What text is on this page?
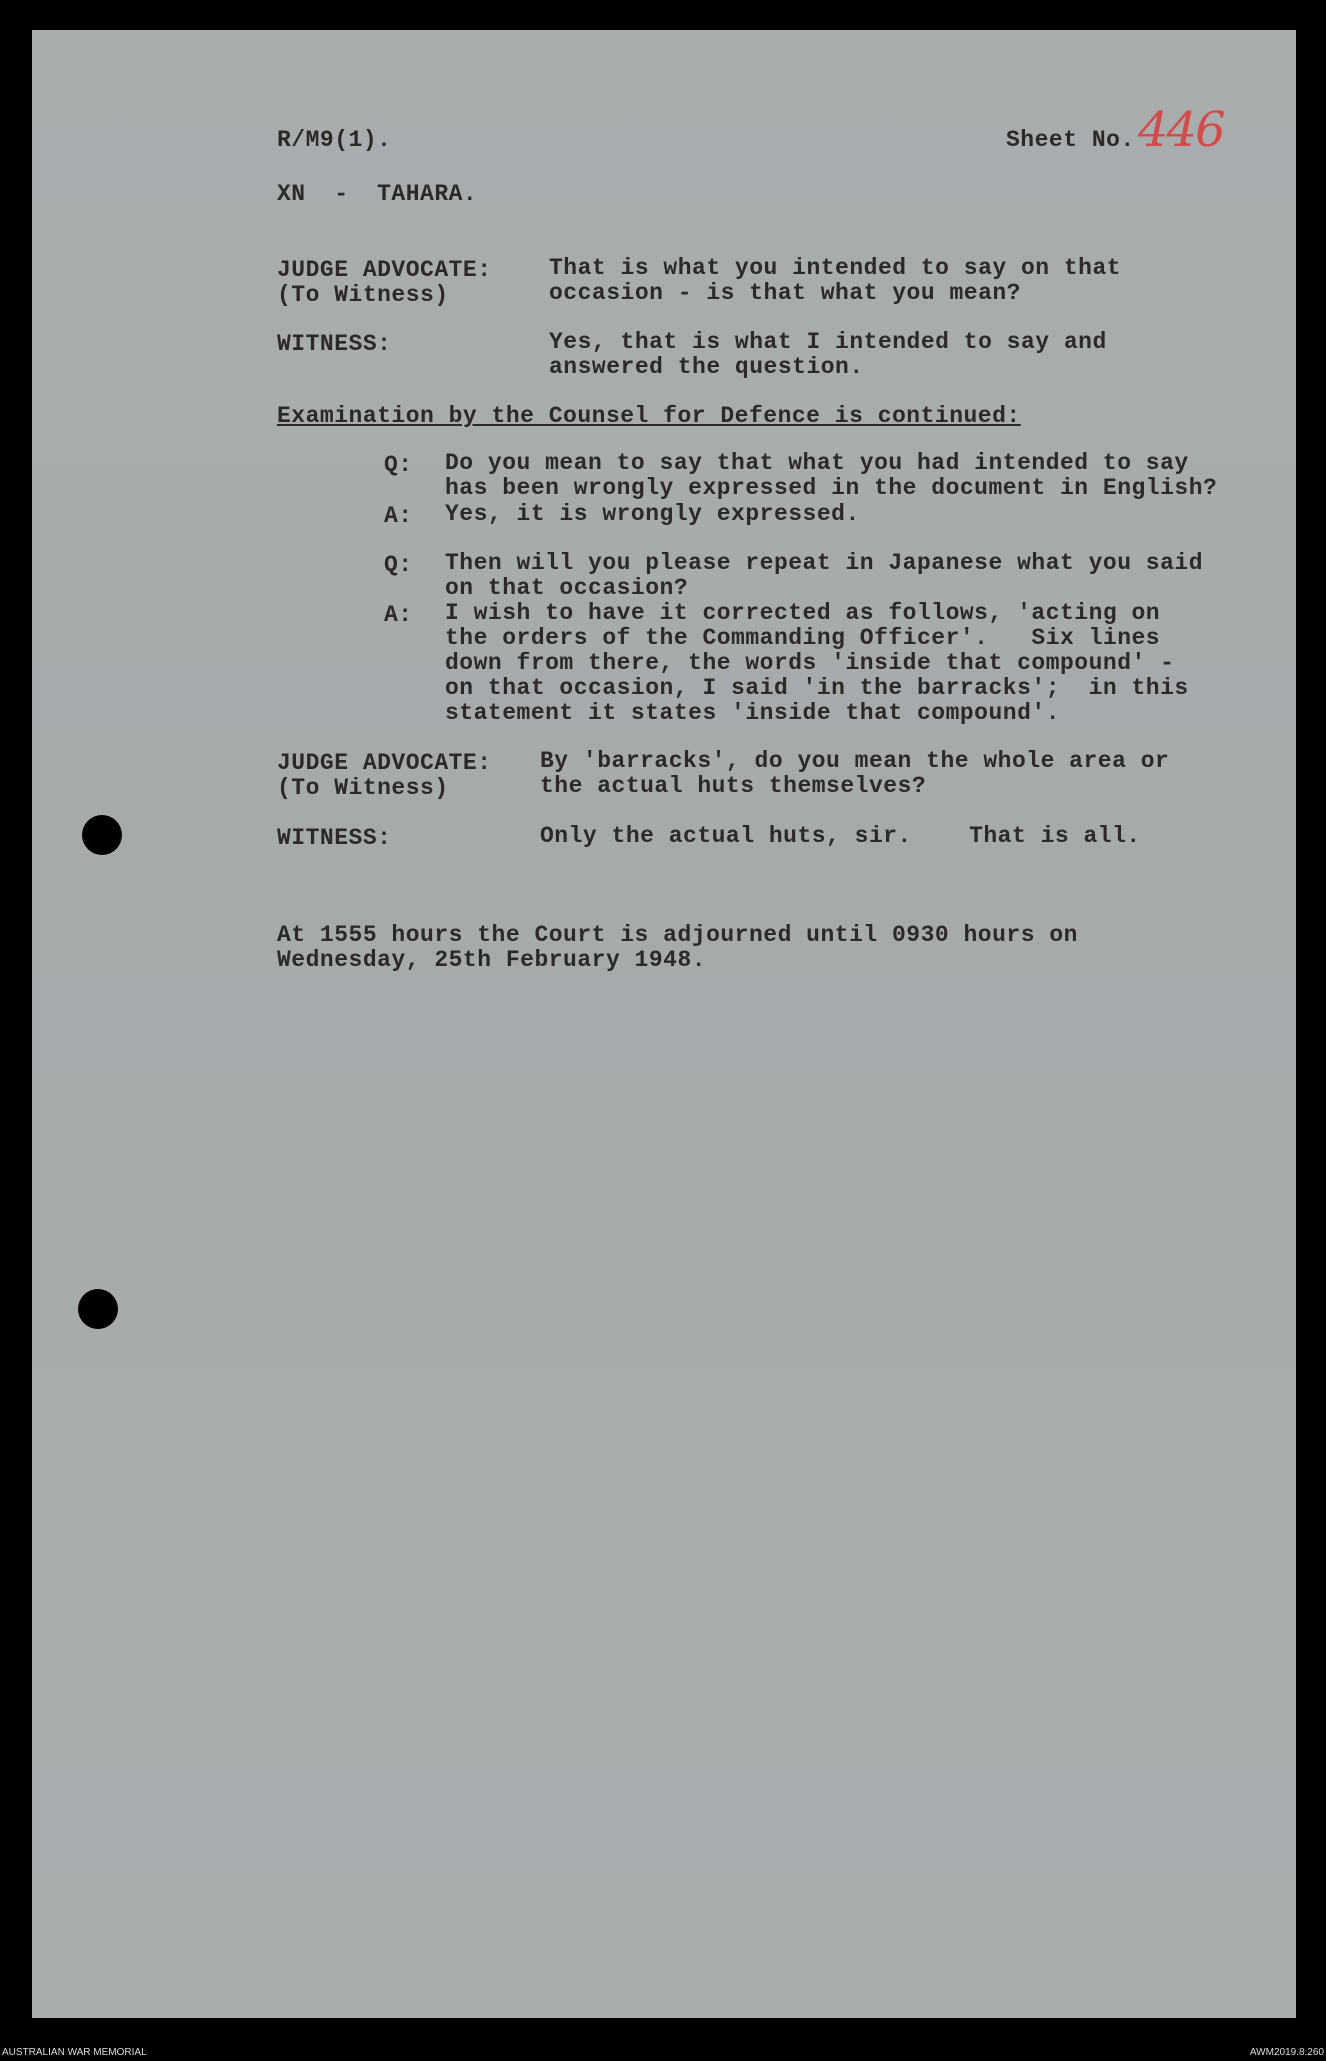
R/M9(1).	Sheet No. . .
446
XN  -  TAHARA.
JUDGE ADVOCATE:
(To Witness)
That is what you intended to say on that
occasion - is that what you mean?
WITNESS:	Yes, that is what I intended to say and
answered the question.
Examination by the Counsel for Defence is continued:
Q: Do you mean to say that what you had intended to say
has been wrongly expressed in the document in English?
A: Yes, it is wrongly expressed.
Q: Then will you please repeat in Japanese what you said
on that occasion?
A: I wish to have it corrected as follows, 'acting on
the orders of the Commanding Officer'.   Six lines
down from there, the words 'inside that compound' -
on that occasion, I said 'in the barracks';  in this
statement it states 'inside that compound'.
JUDGE ADVOCATE:
(To Witness)
By 'barracks', do you mean the whole area or
the actual huts themselves?
WITNESS:	Only the actual huts, sir.    That is all.
At 1555 hours the Court is adjourned until 0930 hours on
Wednesday, 25th February 1948.
AUSTRALIAN WAR MEMORIAL	AWM2019.8.260
